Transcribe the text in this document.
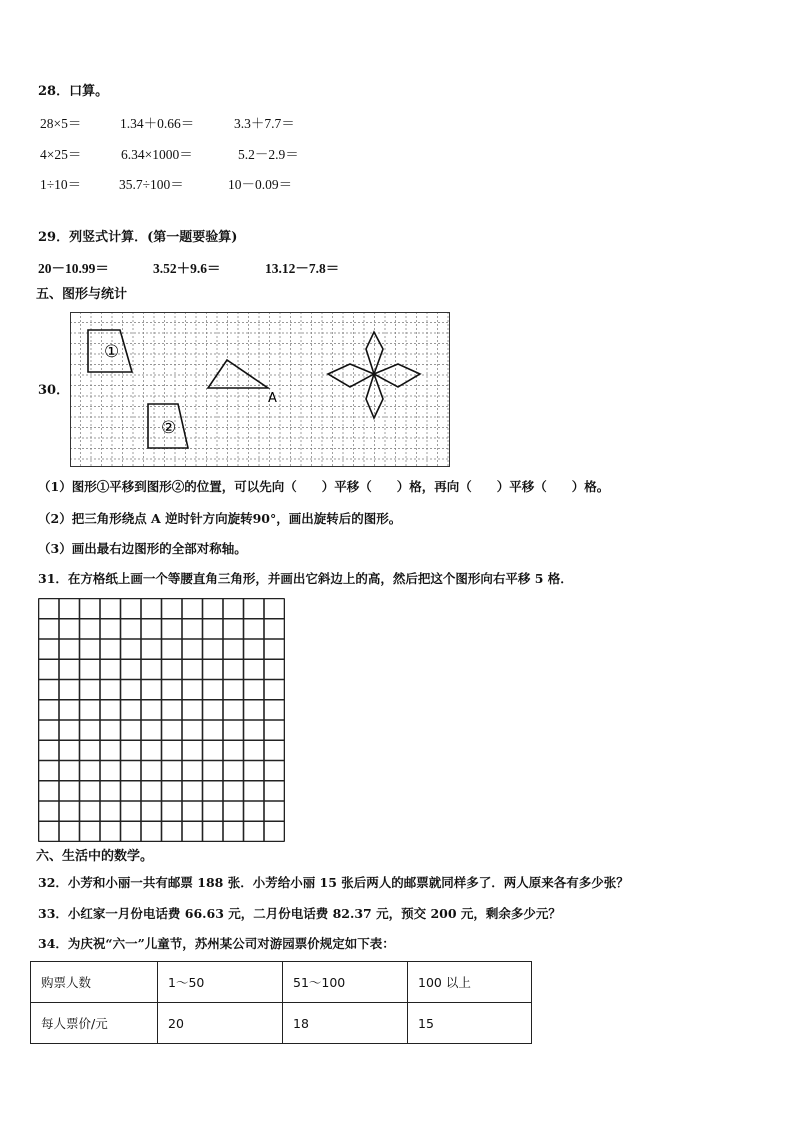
28．口算。
28×5＝	1.34＋0.66＝	3.3＋7.7＝
4×25＝	6.34×1000＝	5.2－2.9＝
1÷10＝	35.7÷100＝	10－0.09＝
29．列竖式计算．(第一题要验算)
20－10.99＝	3.52＋9.6＝	13.12－7.8＝
五、图形与统计
30．
①
②
A
（1）图形①平移到图形②的位置，可以先向（　　）平移（　　）格，再向（　　）平移（　　）格。
（2）把三角形绕点 A 逆时针方向旋转90°，画出旋转后的图形。
（3）画出最右边图形的全部对称轴。
31．在方格纸上画一个等腰直角三角形，并画出它斜边上的高，然后把这个图形向右平移 5 格．
六、生活中的数学。
32．小芳和小丽一共有邮票 188 张．小芳给小丽 15 张后两人的邮票就同样多了．两人原来各有多少张？
33．小红家一月份电话费 66.63 元，二月份电话费 82.37 元，预交 200 元，剩余多少元？
34．为庆祝“六一”儿童节，苏州某公司对游园票价规定如下表：
购票人数	1～50	51～100	100 以上
每人票价/元	20	18	15
